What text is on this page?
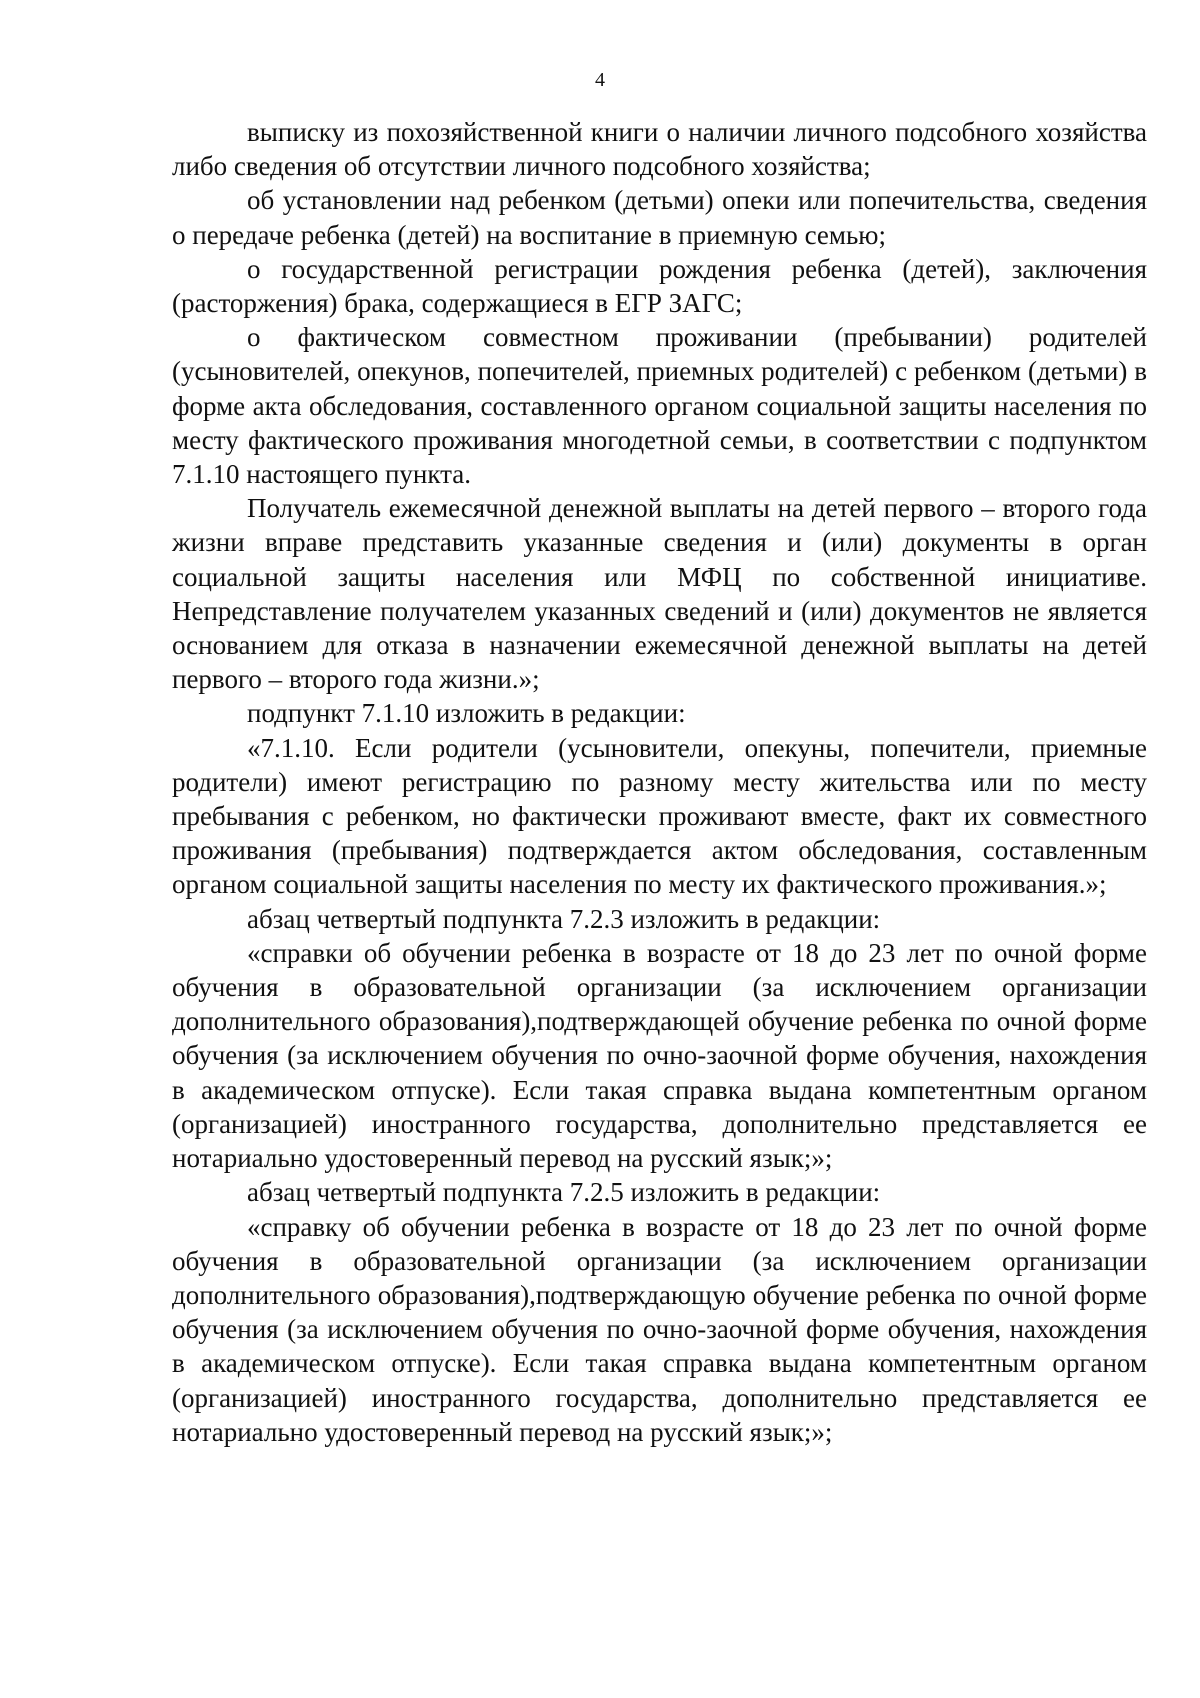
4

выписку из похозяйственной книги о наличии личного подсобного хозяйства либо сведения об отсутствии личного подсобного хозяйства;

об установлении над ребенком (детьми) опеки или попечительства, сведения о передаче ребенка (детей) на воспитание в приемную семью;

о государственной регистрации рождения ребенка (детей), заключения (расторжения) брака, содержащиеся в ЕГР ЗАГС;

о фактическом совместном проживании (пребывании) родителей (усыновителей, опекунов, попечителей, приемных родителей) с ребенком (детьми) в форме акта обследования, составленного органом социальной защиты населения по месту фактического проживания многодетной семьи, в соответствии с подпунктом 7.1.10 настоящего пункта.

Получатель ежемесячной денежной выплаты на детей первого – второго года жизни вправе представить указанные сведения и (или) документы в орган социальной защиты населения или МФЦ по собственной инициативе. Непредставление получателем указанных сведений и (или) документов не является основанием для отказа в назначении ежемесячной денежной выплаты на детей первого – второго года жизни.»;

подпункт 7.1.10 изложить в редакции:

«7.1.10. Если родители (усыновители, опекуны, попечители, приемные родители) имеют регистрацию по разному месту жительства или по месту пребывания с ребенком, но фактически проживают вместе, факт их совместного проживания (пребывания) подтверждается актом обследования, составленным органом социальной защиты населения по месту их фактического проживания.»;

абзац четвертый подпункта 7.2.3 изложить в редакции:

«справки об обучении ребенка в возрасте от 18 до 23 лет по очной форме обучения в образовательной организации (за исключением организации дополнительного образования),подтверждающей обучение ребенка по очной форме обучения (за исключением обучения по очно-заочной форме обучения, нахождения в академическом отпуске). Если такая справка выдана компетентным органом (организацией) иностранного государства, дополнительно представляется ее нотариально удостоверенный перевод на русский язык;»;

абзац четвертый подпункта 7.2.5 изложить в редакции:

«справку об обучении ребенка в возрасте от 18 до 23 лет по очной форме обучения в образовательной организации (за исключением организации дополнительного образования),подтверждающую обучение ребенка по очной форме обучения (за исключением обучения по очно-заочной форме обучения, нахождения в академическом отпуске). Если такая справка выдана компетентным органом (организацией) иностранного государства, дополнительно представляется ее нотариально удостоверенный перевод на русский язык;»;
